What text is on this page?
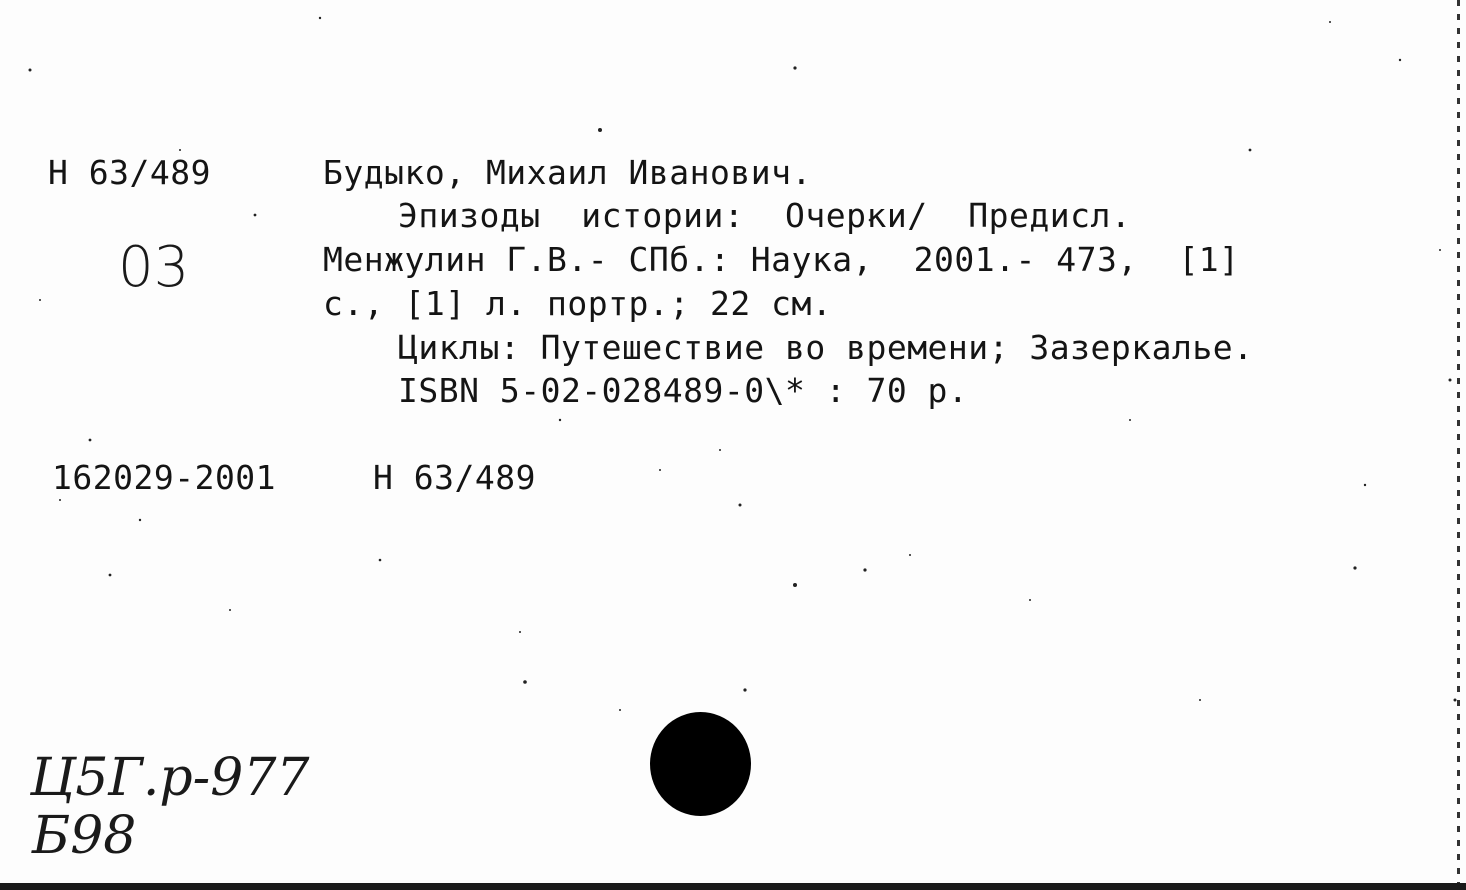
Н 63/489
03
Будыко, Михаил Иванович.
Эпизоды  истории:  Очерки/  Предисл.
Менжулин Г.В.- СПб.: Наука,  2001.- 473,  [1]
с., [1] л. портр.; 22 см.
Циклы: Путешествие во времени; Зазеркалье.
ISBN 5-02-028489-0\* : 70 р.
162029-2001	Н 63/489
Ц5Г.р-977
Б98
